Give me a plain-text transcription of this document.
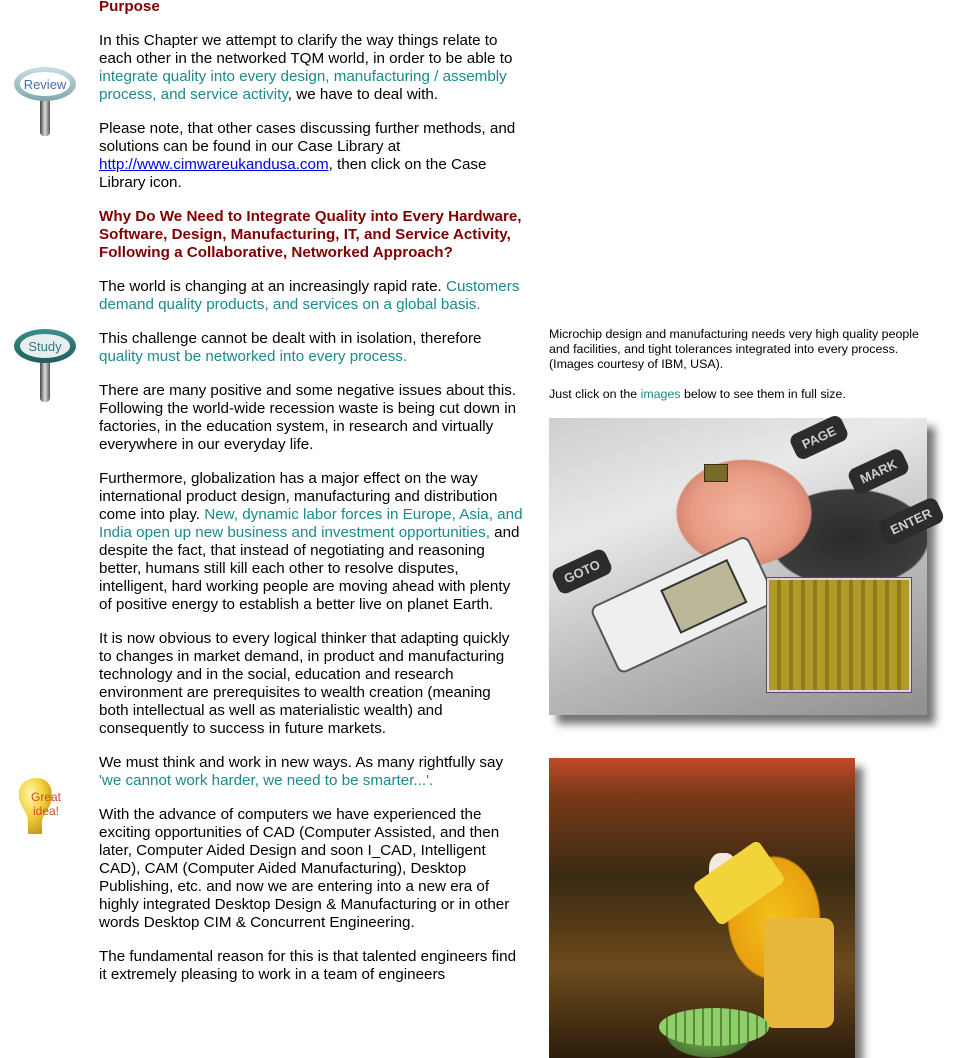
Review
Study
Great
idea!

Purpose

In this Chapter we attempt to clarify the way things relate to each other in the networked TQM world, in order to be able to integrate quality into every design, manufacturing / assembly process, and service activity, we have to deal with.

Please note, that other cases discussing further methods, and solutions can be found in our Case Library at http://www.cimwareukandusa.com, then click on the Case Library icon.

Why Do We Need to Integrate Quality into Every Hardware, Software, Design, Manufacturing, IT, and Service Activity, Following a Collaborative, Networked Approach?

The world is changing at an increasingly rapid rate. Customers demand quality products, and services on a global basis.

This challenge cannot be dealt with in isolation, therefore quality must be networked into every process.

There are many positive and some negative issues about this. Following the world-wide recession waste is being cut down in factories, in the education system, in research and virtually everywhere in our everyday life.

Furthermore, globalization has a major effect on the way international product design, manufacturing and distribution come into play. New, dynamic labor forces in Europe, Asia, and India open up new business and investment opportunities, and despite the fact, that instead of negotiating and reasoning better, humans still kill each other to resolve disputes, intelligent, hard working people are moving ahead with plenty of positive energy to establish a better live on planet Earth.

It is now obvious to every logical thinker that adapting quickly to changes in market demand, in product and manufacturing technology and in the social, education and research environment are prerequisites to wealth creation (meaning both intellectual as well as materialistic wealth) and consequently to success in future markets.

We must think and work in new ways. As many rightfully say 'we cannot work harder, we need to be smarter...'.

With the advance of computers we have experienced the exciting opportunities of CAD (Computer Assisted, and then later, Computer Aided Design and soon I_CAD, Intelligent CAD), CAM (Computer Aided Manufacturing), Desktop Publishing, etc. and now we are entering into a new era of highly integrated Desktop Design & Manufacturing or in other words Desktop CIM & Concurrent Engineering.

The fundamental reason for this is that talented engineers find it extremely pleasing to work in a team of engineers

Microchip design and manufacturing needs very high quality people and facilities, and tight tolerances integrated into every process. (Images courtesy of IBM, USA).

Just click on the images below to see them in full size.

PAGE
MARK
ENTER
GOTO
